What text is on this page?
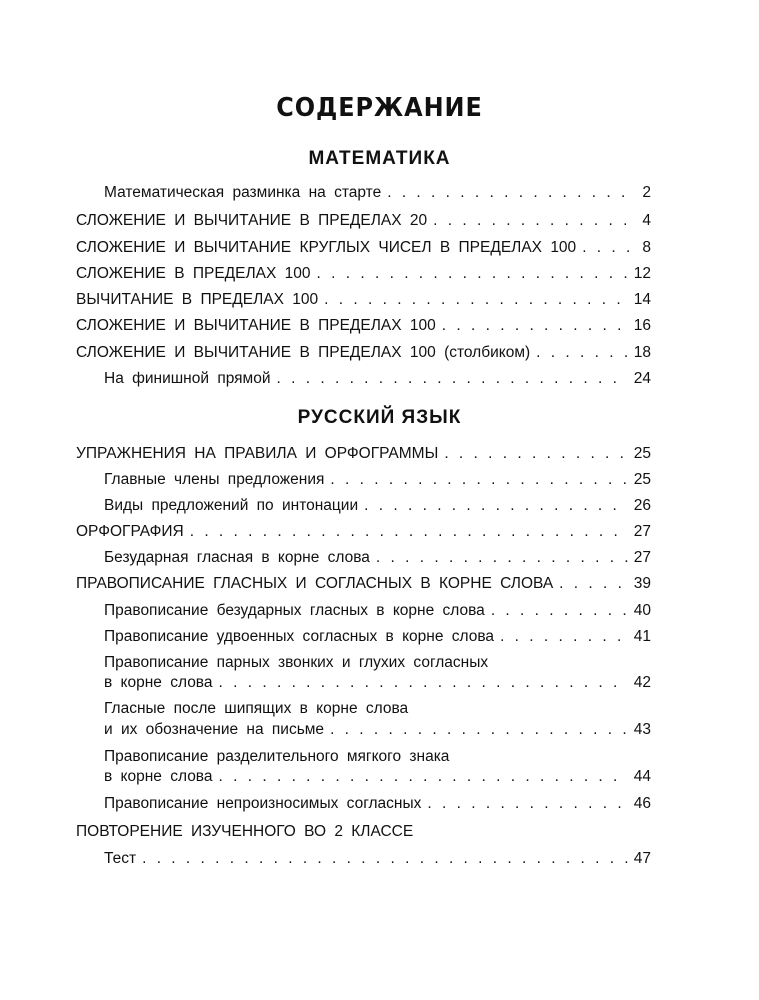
СОДЕРЖАНИЕ
МАТЕМАТИКА
Математическая разминка на старте . . .	2
СЛОЖЕНИЕ И ВЫЧИТАНИЕ В ПРЕДЕЛАХ 20 . . .	4
СЛОЖЕНИЕ И ВЫЧИТАНИЕ КРУГЛЫХ ЧИСЕЛ В ПРЕДЕЛАХ 100 . . .	8
СЛОЖЕНИЕ В ПРЕДЕЛАХ 100 . . .	12
ВЫЧИТАНИЕ В ПРЕДЕЛАХ 100 . . .	14
СЛОЖЕНИЕ И ВЫЧИТАНИЕ В ПРЕДЕЛАХ 100 . . .	16
СЛОЖЕНИЕ И ВЫЧИТАНИЕ В ПРЕДЕЛАХ 100 (столбиком) . . .	18
На финишной прямой . . .	24
РУССКИЙ ЯЗЫК
УПРАЖНЕНИЯ НА ПРАВИЛА И ОРФОГРАММЫ . . .	25
Главные члены предложения . . .	25
Виды предложений по интонации . . .	26
ОРФОГРАФИЯ . . .	27
Безударная гласная в корне слова . . .	27
ПРАВОПИСАНИЕ ГЛАСНЫХ И СОГЛАСНЫХ В КОРНЕ СЛОВА . . .	39
Правописание безударных гласных в корне слова . . .	40
Правописание удвоенных согласных в корне слова . . .	41
Правописание парных звонких и глухих согласных
в корне слова . . .	42
Гласные после шипящих в корне слова
и их обозначение на письме . . .	43
Правописание разделительного мягкого знака
в корне слова . . .	44
Правописание непроизносимых согласных . . .	46
ПОВТОРЕНИЕ ИЗУЧЕННОГО ВО 2 КЛАССЕ
Тест . . .	47
